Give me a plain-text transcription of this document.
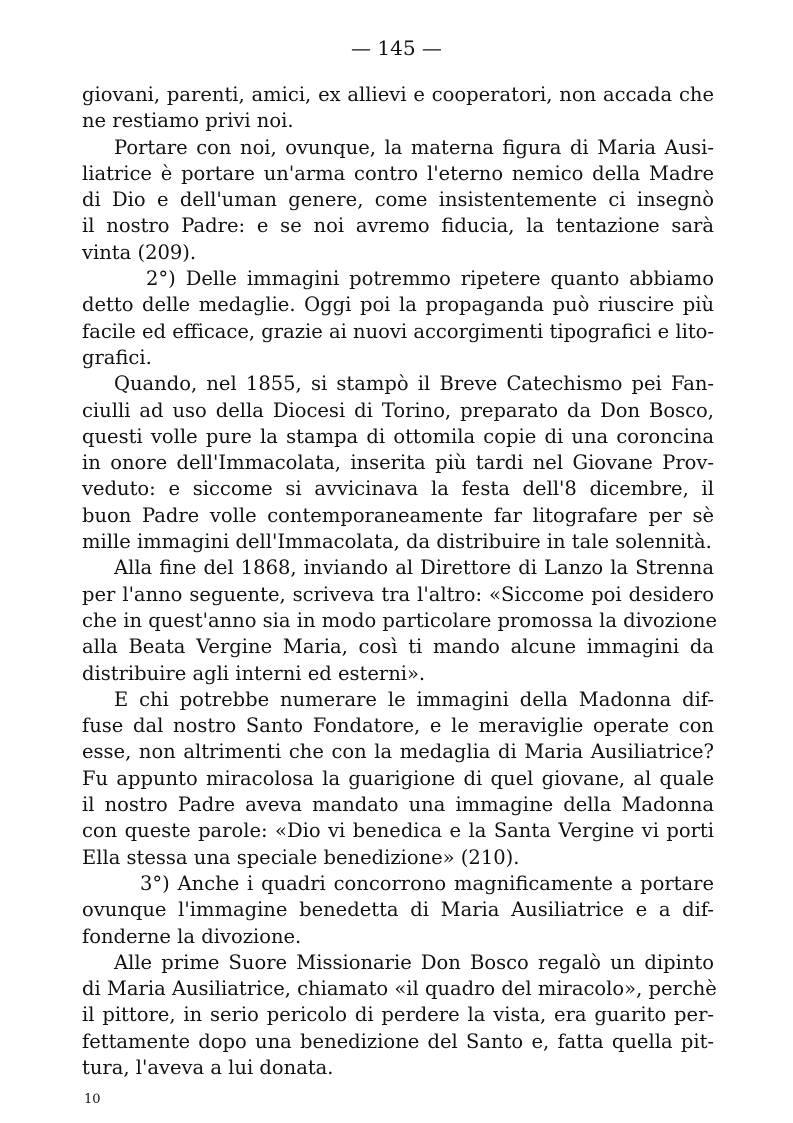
— 145 —
giovani, parenti, amici, ex allievi e cooperatori, non accada che
ne restiamo privi noi.
Portare con noi, ovunque, la materna figura di Maria Ausi-
liatrice è portare un'arma contro l'eterno nemico della Madre
di Dio e dell'uman genere, come insistentemente ci insegnò
il nostro Padre: e se noi avremo fiducia, la tentazione sarà
vinta (209).
2°) Delle immagini potremmo ripetere quanto abbiamo
detto delle medaglie. Oggi poi la propaganda può riuscire più
facile ed efficace, grazie ai nuovi accorgimenti tipografici e lito-
grafici.
Quando, nel 1855, si stampò il Breve Catechismo pei Fan-
ciulli ad uso della Diocesi di Torino, preparato da Don Bosco,
questi volle pure la stampa di ottomila copie di una coroncina
in onore dell'Immacolata, inserita più tardi nel Giovane Prov-
veduto: e siccome si avvicinava la festa dell'8 dicembre, il
buon Padre volle contemporaneamente far litografare per sè
mille immagini dell'Immacolata, da distribuire in tale solennità.
Alla fine del 1868, inviando al Direttore di Lanzo la Strenna
per l'anno seguente, scriveva tra l'altro: «Siccome poi desidero
che in quest'anno sia in modo particolare promossa la divozione
alla Beata Vergine Maria, così ti mando alcune immagini da
distribuire agli interni ed esterni».
E chi potrebbe numerare le immagini della Madonna dif-
fuse dal nostro Santo Fondatore, e le meraviglie operate con
esse, non altrimenti che con la medaglia di Maria Ausiliatrice?
Fu appunto miracolosa la guarigione di quel giovane, al quale
il nostro Padre aveva mandato una immagine della Madonna
con queste parole: «Dio vi benedica e la Santa Vergine vi porti
Ella stessa una speciale benedizione» (210).
3°) Anche i quadri concorrono magnificamente a portare
ovunque l'immagine benedetta di Maria Ausiliatrice e a dif-
fonderne la divozione.
Alle prime Suore Missionarie Don Bosco regalò un dipinto
di Maria Ausiliatrice, chiamato «il quadro del miracolo», perchè
il pittore, in serio pericolo di perdere la vista, era guarito per-
fettamente dopo una benedizione del Santo e, fatta quella pit-
tura, l'aveva a lui donata.
10
